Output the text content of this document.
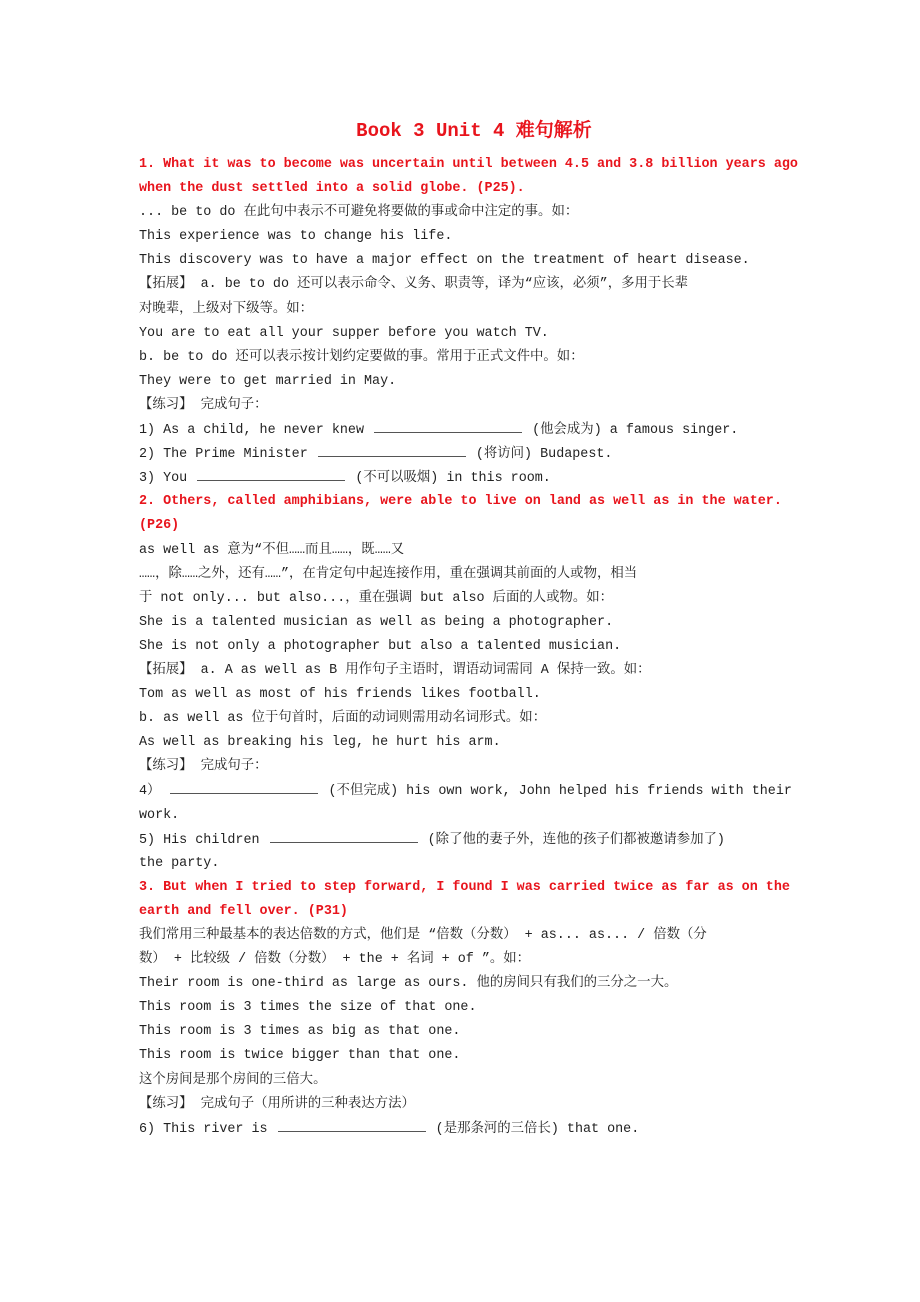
Book 3 Unit 4 难句解析
1. What it was to become was uncertain until between 4.5 and 3.8 billion years ago
when the dust settled into a solid globe. (P25).
... be to do 在此句中表示不可避免将要做的事或命中注定的事。如：
This experience was to change his life.
This discovery was to have a major effect on the treatment of heart disease.
【拓展】 a. be to do 还可以表示命令、义务、职责等，译为“应该，必须”，多用于长辈
对晚辈，上级对下级等。如：
You are to eat all your supper before you watch TV.
b. be to do 还可以表示按计划约定要做的事。常用于正式文件中。如：
They were to get married in May.
【练习】 完成句子：
1) As a child, he never knew	(他会成为) a famous singer.
2) The Prime Minister	(将访问) Budapest.
3) You	(不可以吸烟) in this room.
2. Others, called amphibians, were able to live on land as well as in the water.
(P26)
as well as 意为“不但……而且……，既……又
……，除……之外，还有……”，在肯定句中起连接作用，重在强调其前面的人或物，相当
于 not only... but also...，重在强调 but also 后面的人或物。如：
She is a talented musician as well as being a photographer.
She is not only a photographer but also a talented musician.
【拓展】 a. A as well as B 用作句子主语时，谓语动词需同 A 保持一致。如：
Tom as well as most of his friends likes football.
b. as well as 位于句首时，后面的动词则需用动名词形式。如：
As well as breaking his leg, he hurt his arm.
【练习】 完成句子：
4）	(不但完成) his own work, John helped his friends with their
work.
5) His children	(除了他的妻子外，连他的孩子们都被邀请参加了)
the party.
3. But when I tried to step forward, I found I was carried twice as far as on the
earth and fell over. (P31)
我们常用三种最基本的表达倍数的方式，他们是 “倍数（分数） + as... as... / 倍数（分
数） + 比较级 / 倍数（分数） + the + 名词 + of ”。如：
Their room is one-third as large as ours. 他的房间只有我们的三分之一大。
This room is 3 times the size of that one.
This room is 3 times as big as that one.
This room is twice bigger than that one.
这个房间是那个房间的三倍大。
【练习】 完成句子（用所讲的三种表达方法）
6) This river is	(是那条河的三倍长) that one.
